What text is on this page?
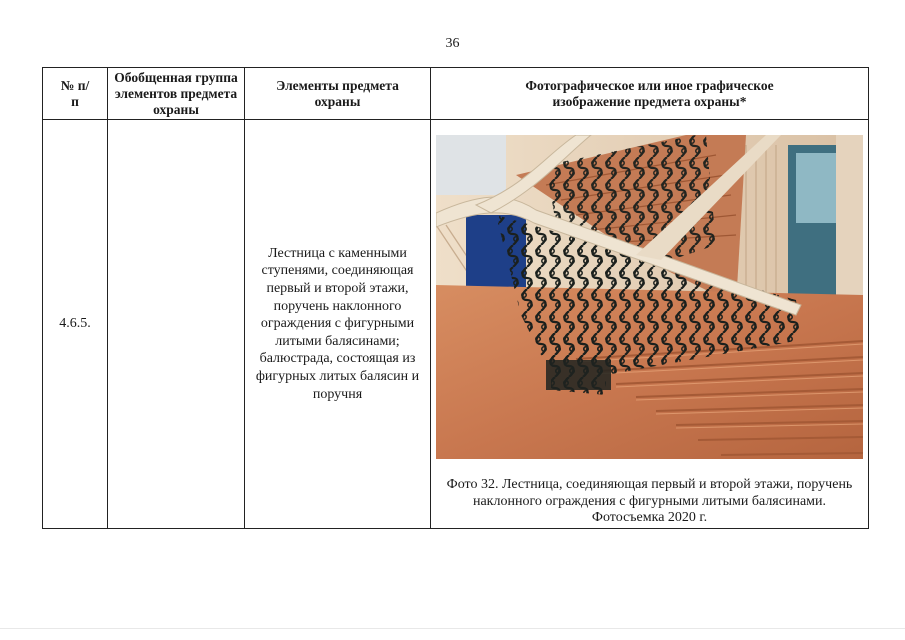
36
№ п/п	Обобщенная группа элементов предмета охраны	Элементы предмета охраны	Фотографическое или иное графическое изображение предмета охраны*
4.6.5.		Лестница с каменными ступенями, соединяющая первый и второй этажи, поручень наклонного ограждения с фигурными литыми балясинами; балюстрада, состоящая из фигурных литых балясин и поручня	Фото 32. Лестница, соединяющая первый и второй этажи, поручень наклонного ограждения с фигурными литыми балясинами. Фотосъемка 2020 г.
